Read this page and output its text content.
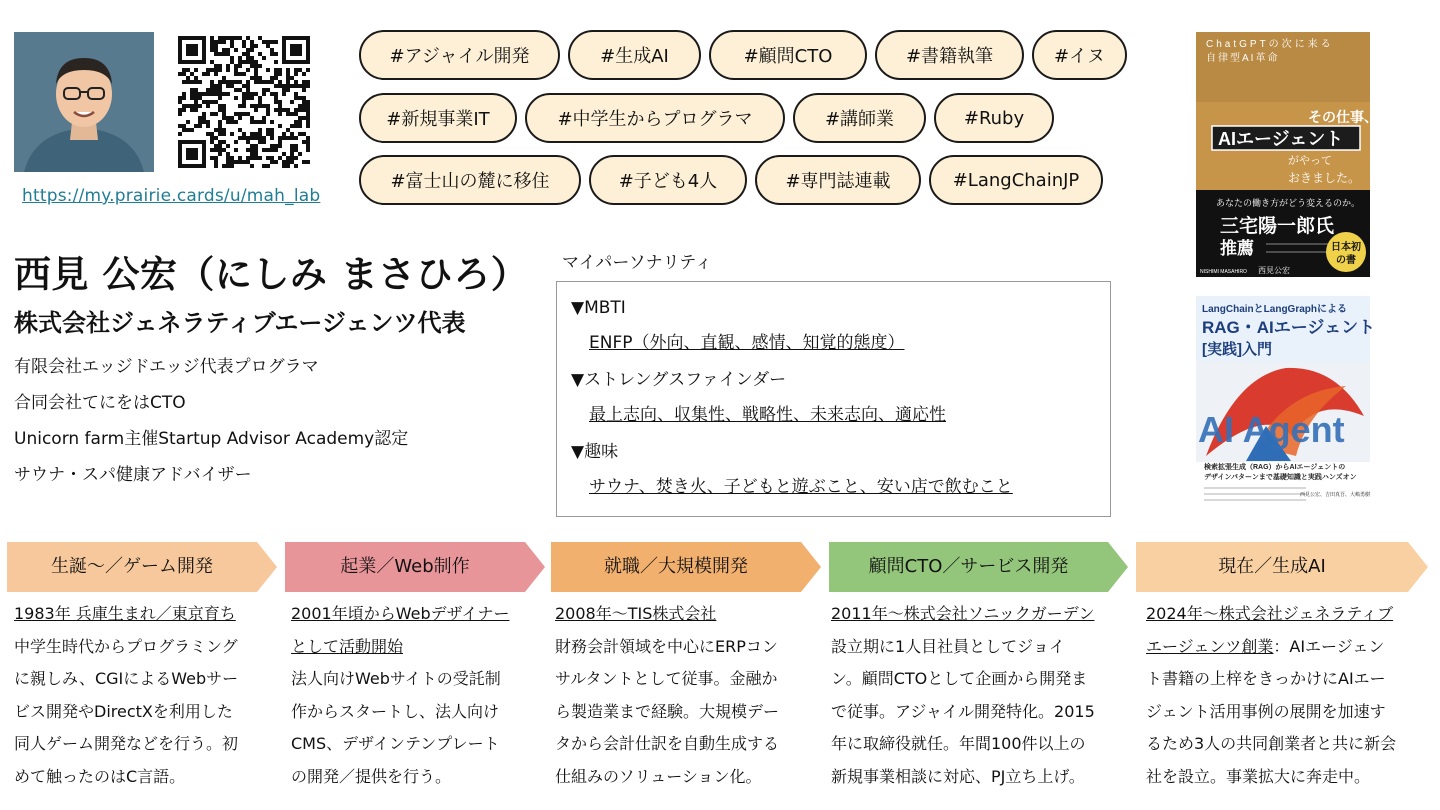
https://my.prairie.cards/u/mah_lab
#アジャイル開発	#生成AI	#顧問CTO	#書籍執筆	#イヌ
#新規事業IT	#中学生からプログラマ	#講師業	#Ruby
#富士山の麓に移住	#子ども4人	#専門誌連載	#LangChainJP
ChatGPTの次に来る
自律型AI革命
その仕事、
AIエージェント
がやって
おきました。
あなたの働き方がどう変えるのか。
三宅陽一郎氏
推薦	日本初
の書
NISHIMI MASAHIRO 西見公宏
LangChainとLangGraphによる
RAG・AIエージェント
[実践]入門
AI Agent
検索拡張生成（RAG）からAIエージェントの
デザインパターンまで基礎知識と実践ハンズオン
西見公宏、吉田真吾、大嶋勇樹
西見 公宏（にしみ まさひろ）
株式会社ジェネラティブエージェンツ代表
有限会社エッジドエッジ代表プログラマ
合同会社てにをはCTO
Unicorn farm主催Startup Advisor Academy認定
サウナ・スパ健康アドバイザー
マイパーソナリティ
▼MBTI
ENFP（外向、直観、感情、知覚的態度）
▼ストレングスファインダー
最上志向、収集性、戦略性、未来志向、適応性
▼趣味
サウナ、焚き火、子どもと遊ぶこと、安い店で飲むこと
生誕〜／ゲーム開発	起業／Web制作	就職／大規模開発	顧問CTO／サービス開発	現在／生成AI
1983年 兵庫生まれ／東京育ち
中学生時代からプログラミング
に親しみ、CGIによるWebサー
ビス開発やDirectXを利用した
同人ゲーム開発などを行う。初
めて触ったのはC言語。
2001年頃からWebデザイナー
として活動開始
法人向けWebサイトの受託制
作からスタートし、法人向け
CMS、デザインテンプレート
の開発／提供を行う。
2008年〜TIS株式会社
財務会計領域を中心にERPコン
サルタントとして従事。金融か
ら製造業まで経験。大規模デー
タから会計仕訳を自動生成する
仕組みのソリューション化。
2011年〜株式会社ソニックガーデン
設立期に1人目社員としてジョイ
ン。顧問CTOとして企画から開発ま
で従事。アジャイル開発特化。2015
年に取締役就任。年間100件以上の
新規事業相談に対応、PJ立ち上げ。
2024年〜株式会社ジェネラティブ
エージェンツ創業：AIエージェン
ト書籍の上梓をきっかけにAIエー
ジェント活用事例の展開を加速す
るため3人の共同創業者と共に新会
社を設立。事業拡大に奔走中。
